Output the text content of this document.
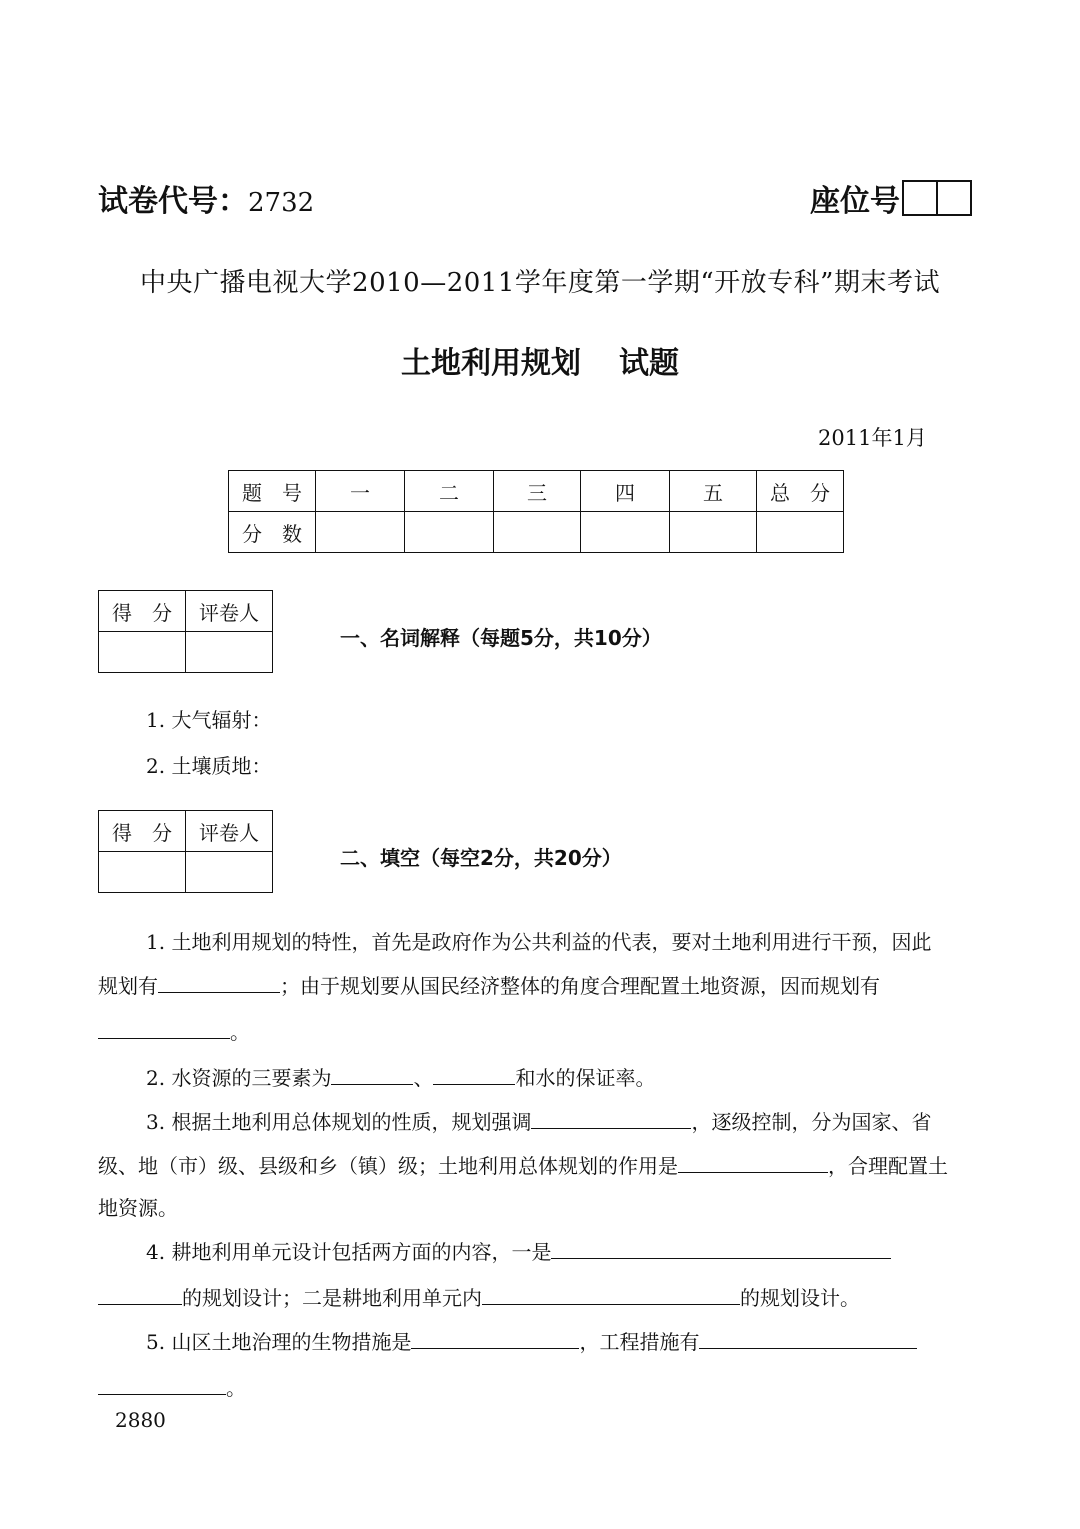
试卷代号：2732	座位号
中央广播电视大学2010—2011学年度第一学期“开放专科”期末考试
土地利用规划 试题
2011年1月
题　号	一	二	三	四	五	总　分
分　数						
得　分	评卷人

一、名词解释（每题5分，共10分）
1. 大气辐射：
2. 土壤质地：
得　分	评卷人

二、填空（每空2分，共20分）
1. 土地利用规划的特性，首先是政府作为公共利益的代表，要对土地利用进行干预，因此
规划有	；由于规划要从国民经济整体的角度合理配置土地资源，因而规划有
。
2. 水资源的三要素为	、	和水的保证率。
3. 根据土地利用总体规划的性质，规划强调	，逐级控制，分为国家、省
级、地（市）级、县级和乡（镇）级；土地利用总体规划的作用是	，合理配置土
地资源。
4. 耕地利用单元设计包括两方面的内容，一是
的规划设计；二是耕地利用单元内	的规划设计。
5. 山区土地治理的生物措施是	，工程措施有
。
2880
